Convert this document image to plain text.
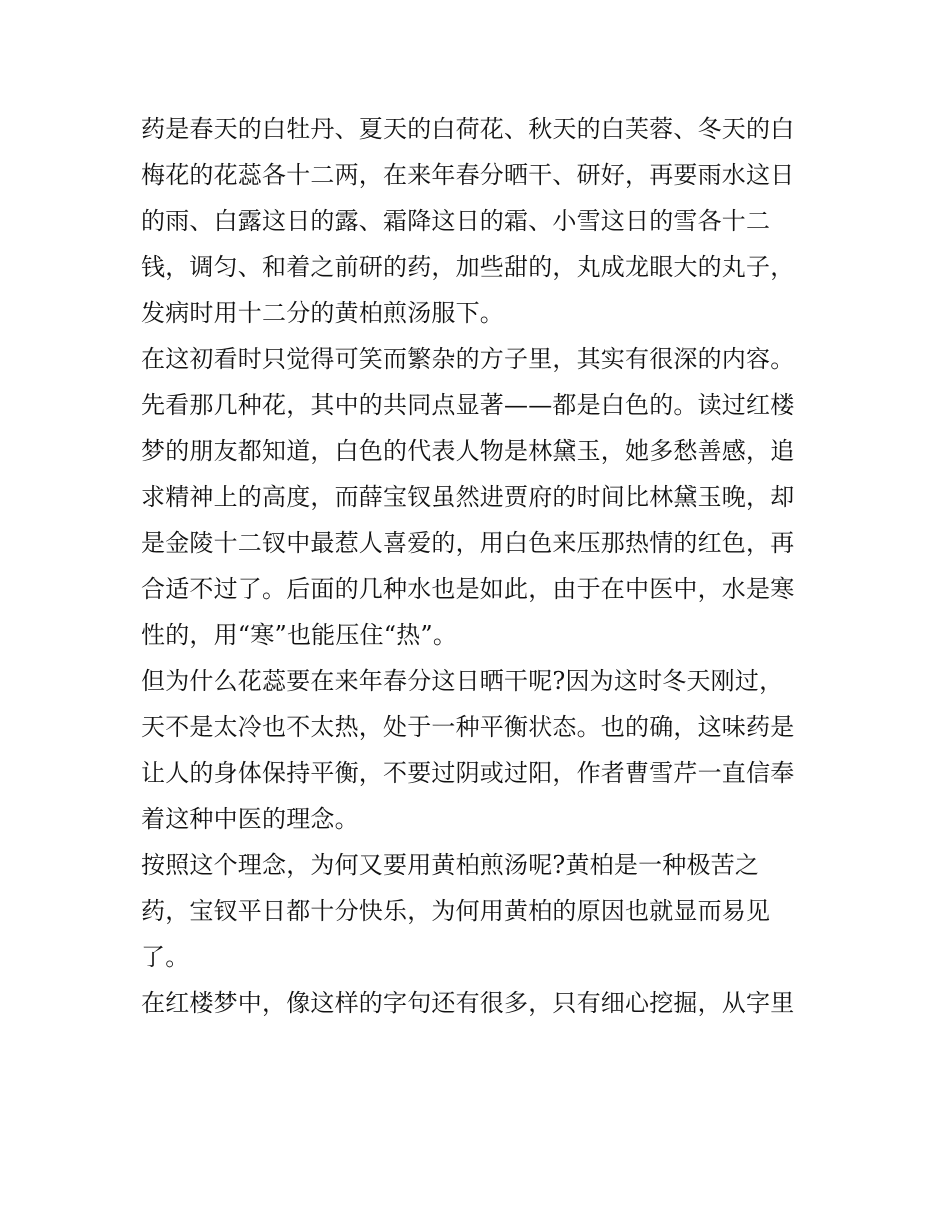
药是春天的白牡丹、夏天的白荷花、秋天的白芙蓉、冬天的白
梅花的花蕊各十二两，在来年春分晒干、研好，再要雨水这日
的雨、白露这日的露、霜降这日的霜、小雪这日的雪各十二
钱，调匀、和着之前研的药，加些甜的，丸成龙眼大的丸子，
发病时用十二分的黄柏煎汤服下。
在这初看时只觉得可笑而繁杂的方子里，其实有很深的内容。
先看那几种花，其中的共同点显著——都是白色的。读过红楼
梦的朋友都知道，白色的代表人物是林黛玉，她多愁善感，追
求精神上的高度，而薛宝钗虽然进贾府的时间比林黛玉晚，却
是金陵十二钗中最惹人喜爱的，用白色来压那热情的红色，再
合适不过了。后面的几种水也是如此，由于在中医中，水是寒
性的，用“寒”也能压住“热”。
但为什么花蕊要在来年春分这日晒干呢?因为这时冬天刚过，
天不是太冷也不太热，处于一种平衡状态。也的确，这味药是
让人的身体保持平衡，不要过阴或过阳，作者曹雪芹一直信奉
着这种中医的理念。
按照这个理念，为何又要用黄柏煎汤呢?黄柏是一种极苦之
药，宝钗平日都十分快乐，为何用黄柏的原因也就显而易见
了。
在红楼梦中，像这样的字句还有很多，只有细心挖掘，从字里
